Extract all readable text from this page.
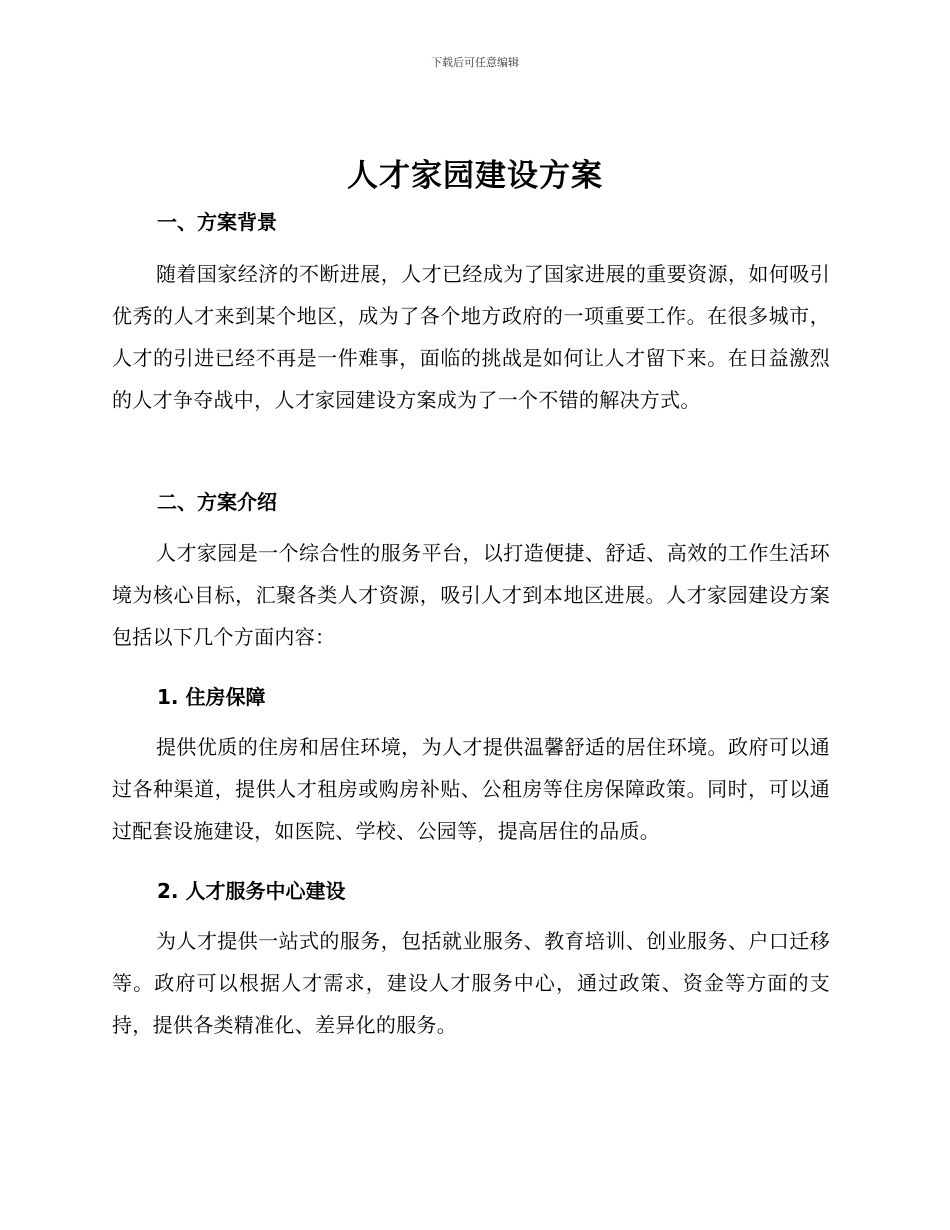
下载后可任意编辑
人才家园建设方案
一、方案背景
随着国家经济的不断进展，人才已经成为了国家进展的重要资源，如何吸引优秀的人才来到某个地区，成为了各个地方政府的一项重要工作。在很多城市，人才的引进已经不再是一件难事，面临的挑战是如何让人才留下来。在日益激烈的人才争夺战中，人才家园建设方案成为了一个不错的解决方式。
二、方案介绍
人才家园是一个综合性的服务平台，以打造便捷、舒适、高效的工作生活环境为核心目标，汇聚各类人才资源，吸引人才到本地区进展。人才家园建设方案包括以下几个方面内容：
1. 住房保障
提供优质的住房和居住环境，为人才提供温馨舒适的居住环境。政府可以通过各种渠道，提供人才租房或购房补贴、公租房等住房保障政策。同时，可以通过配套设施建设，如医院、学校、公园等，提高居住的品质。
2. 人才服务中心建设
为人才提供一站式的服务，包括就业服务、教育培训、创业服务、户口迁移等。政府可以根据人才需求，建设人才服务中心，通过政策、资金等方面的支持，提供各类精准化、差异化的服务。
